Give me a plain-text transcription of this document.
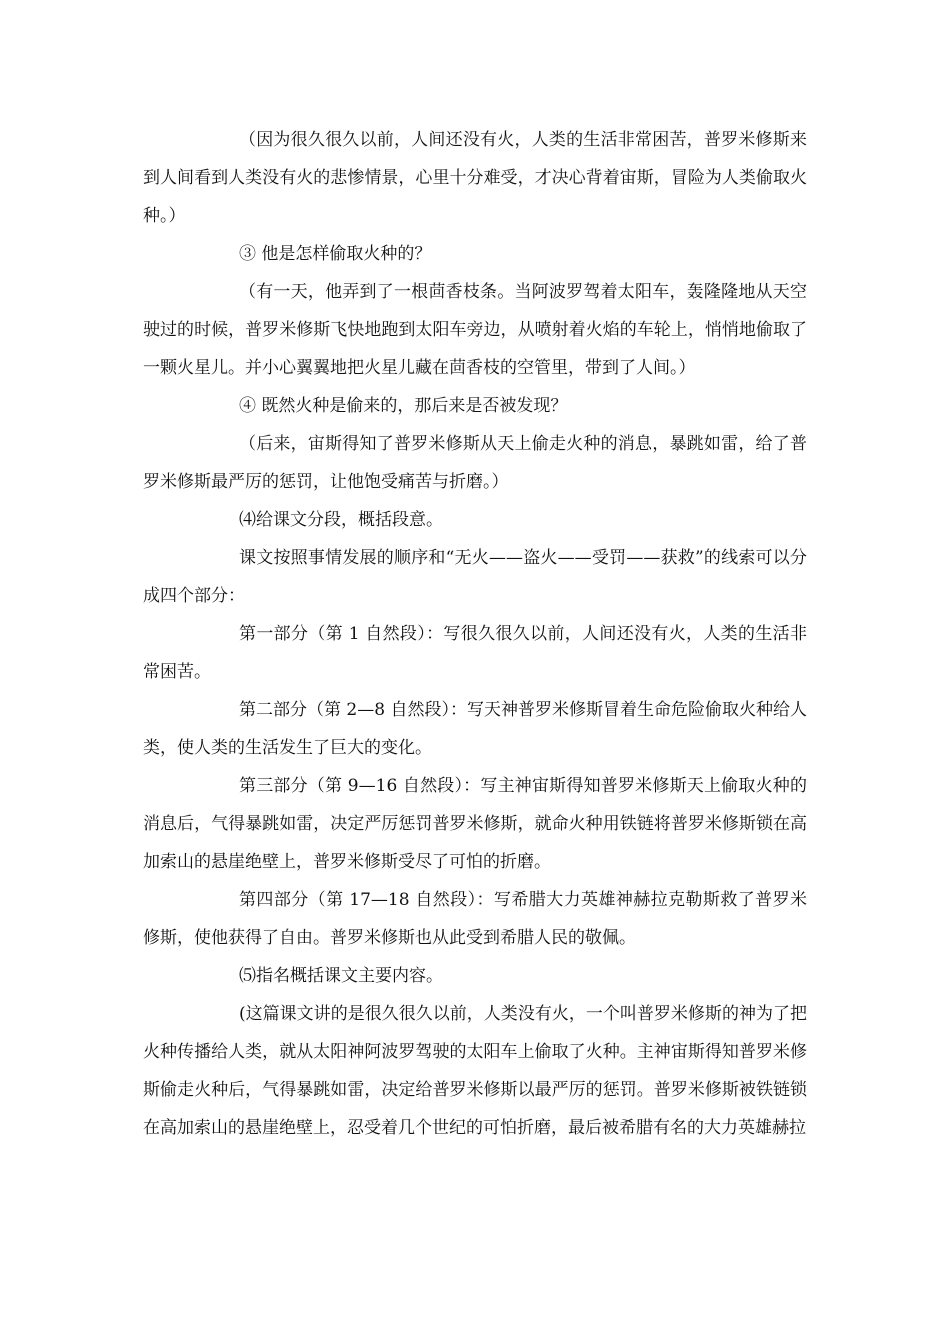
（因为很久很久以前，人间还没有火，人类的生活非常困苦，普罗米修斯来到人间看到人类没有火的悲惨情景，心里十分难受，才决心背着宙斯，冒险为人类偷取火种。）

③ 他是怎样偷取火种的？

（有一天，他弄到了一根茴香枝条。当阿波罗驾着太阳车，轰隆隆地从天空驶过的时候，普罗米修斯飞快地跑到太阳车旁边，从喷射着火焰的车轮上，悄悄地偷取了一颗火星儿。并小心翼翼地把火星儿藏在茴香枝的空管里，带到了人间。）

④ 既然火种是偷来的，那后来是否被发现？

（后来，宙斯得知了普罗米修斯从天上偷走火种的消息，暴跳如雷，给了普罗米修斯最严厉的惩罚，让他饱受痛苦与折磨。）

⑷给课文分段，概括段意。

课文按照事情发展的顺序和“无火——盗火——受罚——获救”的线索可以分成四个部分：

第一部分（第 1 自然段）：写很久很久以前，人间还没有火，人类的生活非常困苦。

第二部分（第 2—8 自然段）：写天神普罗米修斯冒着生命危险偷取火种给人类，使人类的生活发生了巨大的变化。

第三部分（第 9—16 自然段）：写主神宙斯得知普罗米修斯天上偷取火种的消息后，气得暴跳如雷，决定严厉惩罚普罗米修斯，就命火种用铁链将普罗米修斯锁在高加索山的悬崖绝壁上，普罗米修斯受尽了可怕的折磨。

第四部分（第 17—18 自然段）：写希腊大力英雄神赫拉克勒斯救了普罗米修斯，使他获得了自由。普罗米修斯也从此受到希腊人民的敬佩。

⑸指名概括课文主要内容。

(这篇课文讲的是很久很久以前，人类没有火，一个叫普罗米修斯的神为了把火种传播给人类，就从太阳神阿波罗驾驶的太阳车上偷取了火种。主神宙斯得知普罗米修斯偷走火种后，气得暴跳如雷，决定给普罗米修斯以最严厉的惩罚。普罗米修斯被铁链锁在高加索山的悬崖绝壁上，忍受着几个世纪的可怕折磨，最后被希腊有名的大力英雄赫拉
